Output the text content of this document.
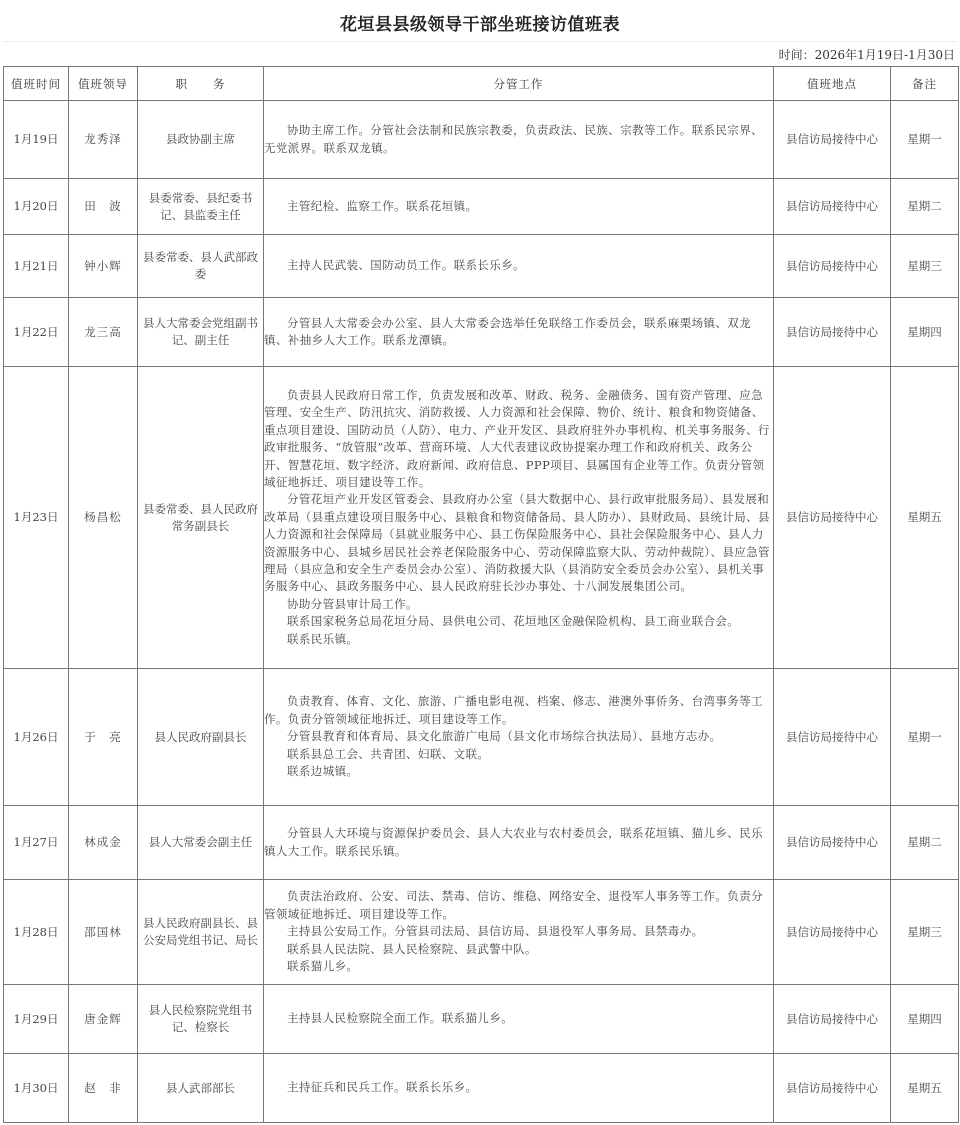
花垣县县级领导干部坐班接访值班表
时间：2026年1月19日-1月30日
值班时间	值班领导	职　　务	分管工作	值班地点	备注
1月19日	龙秀泽	县政协副主席	协助主席工作。分管社会法制和民族宗教委，负责政法、民族、宗教等工作。联系民宗界、无党派界。联系双龙镇。	县信访局接待中心	星期一
1月20日	田　波	县委常委、县纪委书记、县监委主任	主管纪检、监察工作。联系花垣镇。	县信访局接待中心	星期二
1月21日	钟小辉	县委常委、县人武部政委	主持人民武装、国防动员工作。联系长乐乡。	县信访局接待中心	星期三
1月22日	龙三高	县人大常委会党组副书记、副主任	分管县人大常委会办公室、县人大常委会选举任免联络工作委员会，联系麻栗场镇、双龙镇、补抽乡人大工作。联系龙潭镇。	县信访局接待中心	星期四
1月23日	杨昌松	县委常委、县人民政府常务副县长	负责县人民政府日常工作，负责发展和改革、财政、税务、金融债务、国有资产管理、应急管理、安全生产、防汛抗灾、消防救援、人力资源和社会保障、物价、统计、粮食和物资储备、重点项目建设、国防动员（人防）、电力、产业开发区、县政府驻外办事机构、机关事务服务、行政审批服务、“放管服”改革、营商环境、人大代表建议政协提案办理工作和政府机关、政务公开、智慧花垣、数字经济、政府新闻、政府信息、PPP项目、县属国有企业等工作。负责分管领域征地拆迁、项目建设等工作。
分管花垣产业开发区管委会、县政府办公室（县大数据中心、县行政审批服务局）、县发展和改革局（县重点建设项目服务中心、县粮食和物资储备局、县人防办）、县财政局、县统计局、县人力资源和社会保障局（县就业服务中心、县工伤保险服务中心、县社会保险服务中心、县人力资源服务中心、县城乡居民社会养老保险服务中心、劳动保障监察大队、劳动仲裁院）、县应急管理局（县应急和安全生产委员会办公室）、消防救援大队（县消防安全委员会办公室）、县机关事务服务中心、县政务服务中心、县人民政府驻长沙办事处、十八洞发展集团公司。
协助分管县审计局工作。
联系国家税务总局花垣分局、县供电公司、花垣地区金融保险机构、县工商业联合会。
联系民乐镇。	县信访局接待中心	星期五
1月26日	于　亮	县人民政府副县长	负责教育、体育、文化、旅游、广播电影电视、档案、修志、港澳外事侨务、台湾事务等工作。负责分管领域征地拆迁、项目建设等工作。
分管县教育和体育局、县文化旅游广电局（县文化市场综合执法局）、县地方志办。
联系县总工会、共青团、妇联、文联。
联系边城镇。	县信访局接待中心	星期一
1月27日	林成金	县人大常委会副主任	分管县人大环境与资源保护委员会、县人大农业与农村委员会，联系花垣镇、猫儿乡、民乐镇人大工作。联系民乐镇。	县信访局接待中心	星期二
1月28日	邵国林	县人民政府副县长、县公安局党组书记、局长	负责法治政府、公安、司法、禁毒、信访、维稳、网络安全、退役军人事务等工作。负责分管领域征地拆迁、项目建设等工作。
主持县公安局工作。分管县司法局、县信访局、县退役军人事务局、县禁毒办。
联系县人民法院、县人民检察院、县武警中队。
联系猫儿乡。	县信访局接待中心	星期三
1月29日	唐金辉	县人民检察院党组书记、检察长	主持县人民检察院全面工作。联系猫儿乡。	县信访局接待中心	星期四
1月30日	赵　非	县人武部部长	主持征兵和民兵工作。联系长乐乡。	县信访局接待中心	星期五
